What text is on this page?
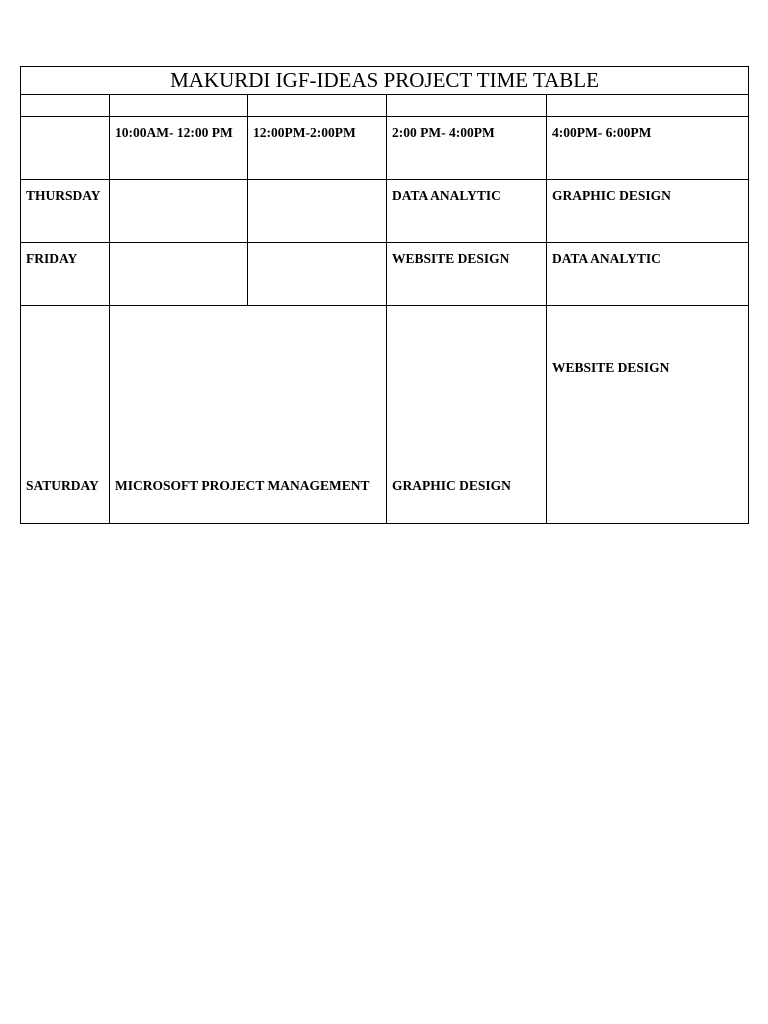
MAKURDI IGF-IDEAS PROJECT TIME TABLE				

	10:00AM- 12:00 PM	12:00PM-2:00PM	2:00 PM- 4:00PM	4:00PM- 6:00PM
THURSDAY			DATA ANALYTIC	GRAPHIC DESIGN
FRIDAY			WEBSITE DESIGN	DATA ANALYTIC
SATURDAY	MICROSOFT PROJECT MANAGEMENT		GRAPHIC DESIGN	WEBSITE DESIGN
